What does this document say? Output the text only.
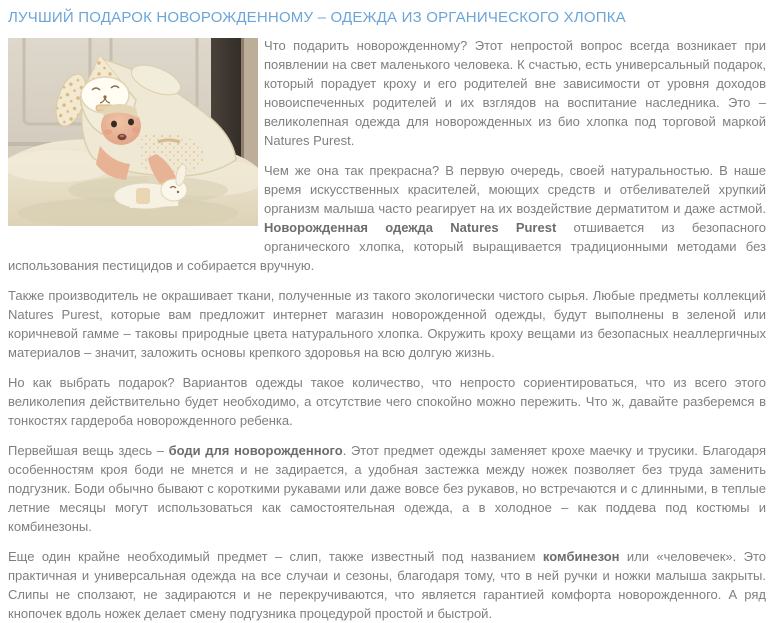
ЛУЧШИЙ ПОДАРОК НОВОРОЖДЕННОМУ – ОДЕЖДА ИЗ ОРГАНИЧЕСКОГО ХЛОПКА

Что подарить новорожденному? Этот непростой вопрос всегда возникает при появлении на свет маленького человека. К счастью, есть универсальный подарок, который порадует кроху и его родителей вне зависимости от уровня доходов новоиспеченных родителей и их взглядов на воспитание наследника. Это – великолепная одежда для новорожденных из био хлопка под торговой маркой Natures Purest.

Чем же она так прекрасна? В первую очередь, своей натуральностью. В наше время искусственных красителей, моющих средств и отбеливателей хрупкий организм малыша часто реагирует на их воздействие дерматитом и даже астмой. Новорожденная одежда Natures Purest отшивается из безопасного органического хлопка, который выращивается традиционными методами без использования пестицидов и собирается вручную.

Также производитель не окрашивает ткани, полученные из такого экологически чистого сырья. Любые предметы коллекций Natures Purest, которые вам предложит интернет магазин новорожденной одежды, будут выполнены в зеленой или коричневой гамме – таковы природные цвета натурального хлопка. Окружить кроху вещами из безопасных неаллергичных материалов – значит, заложить основы крепкого здоровья на всю долгую жизнь.

Но как выбрать подарок? Вариантов одежды такое количество, что непросто сориентироваться, что из всего этого великолепия действительно будет необходимо, а отсутствие чего спокойно можно пережить. Что ж, давайте разберемся в тонкостях гардероба новорожденного ребенка.

Первейшая вещь здесь – боди для новорожденного. Этот предмет одежды заменяет крохе маечку и трусики. Благодаря особенностям кроя боди не мнется и не задирается, а удобная застежка между ножек позволяет без труда заменить подгузник. Боди обычно бывают с короткими рукавами или даже вовсе без рукавов, но встречаются и с длинными, в теплые летние месяцы могут использоваться как самостоятельная одежда, а в холодное – как поддева под костюмы и комбинезоны.

Еще один крайне необходимый предмет – слип, также известный под названием комбинезон или «человечек». Это практичная и универсальная одежда на все случаи и сезоны, благодаря тому, что в ней ручки и ножки малыша закрыты. Слипы не сползают, не задираются и не перекручиваются, что является гарантией комфорта новорожденного. А ряд кнопочек вдоль ножек делает смену подгузника процедурой простой и быстрой.
